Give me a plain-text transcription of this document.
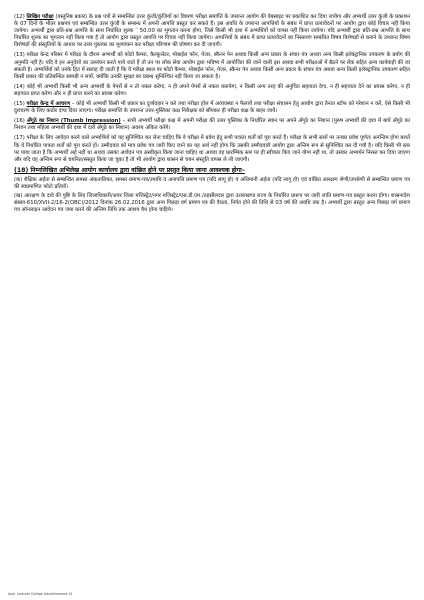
(12) लिखित परीक्षा (वस्तुनिष्ठ प्रकार) के प्रश्न पत्रों से सम्बन्धित उत्तर कुंजी/कुंजियों का विवरण परीक्षा समाप्ति के उपरान्त आयोग की वेबसाइट पर प्रकाशित कर दिया जायेगा और अभ्यर्थी उत्तर कुंजी के प्रकाशन के 07 दिनों के भीतर प्रश्नपत्र एवं सम्बन्धित उत्तर कुंजी के सम्बन्ध में अपनी आपत्ति प्रस्तुत कर सकते हैं। इस अवधि के उपरान्त आपत्तियों के संबंध में प्राप्त प्रत्यावेदनों पर आयोग द्वारा कोई विचार नहीं किया जायेगा। अभ्यर्थी द्वारा प्रति-प्रश्न आपत्ति के साथ निर्धारित शुल्क ` 50.00 का भुगतान करना होगा, जिसे किसी भी दशा में अभ्यर्थियों को वापस नहीं किया जायेगा। यदि अभ्यर्थी द्वारा प्रति-प्रश्न आपत्ति के साथ निर्धारित शुल्क का भुगतान नहीं किया गया है तो आयोग द्वारा प्रस्तुत आपत्ति पर विचार नहीं किया जायेगा। आपत्तियों के संबंध में प्राप्त प्रत्यावेदनों का निस्तारण सम्बंधित विषय विशेषज्ञों से कराने के उपरान्त विषय विशेषज्ञों की संस्तुतियों के आधार पर उत्तर पुस्तका का मूल्यांकन कर परीक्षा परिणाम की घोषणा कर दी जाएगी।

(13) परीक्षा केन्द्र परिसर में परीक्षा के दौरान अभ्यर्थी को फोटो कैमरा, कैल्कुलेटर, मोबाईल फोन, पेजर, स्कैनर पेन अथवा किसी अन्य प्रकार के संचार यंत्र अथवा अन्य किसी इलेक्ट्रानिक उपकरण के प्रयोग की अनुमति नहीं है। यदि वे इन अनुदेशों का उल्लंघन करते पाये जाते हैं तो उन पर लोक सेवा आयोग द्वारा भविष्य में आयोजित की जाने वाली इस अथवा सभी परीक्षाओं में बैठने पर रोक सहित अन्य कार्यवाही की जा सकती है। अभ्यर्थियों को उनके हित में सलाह दी जाती है कि वे परीक्षा स्थल पर फोटो कैमरा, मोबाईल फोन, पेजर, स्कैनर पेन अथवा किसी अन्य प्रकार के संचार यंत्र अथवा अन्य किसी इलेक्ट्रानिक उपकरण सहित किसी प्रकार की प्रतिबन्धित सामग्री न लायें, क्योंकि उनकी सुरक्षा का प्रबन्ध सुनिश्चित नहीं किया जा सकता है।

(14) कोई भी अभ्यर्थी किसी भी अन्य अभ्यर्थी के पेपरों से न तो नकल करेगा, न ही अपने पेपरों से नकल करायेगा, न किसी अन्य तरह की अनुचित सहायता देगा, न ही सहायता देने का प्रयास करेगा, न ही सहायता प्राप्त करेगा और न ही प्राप्त करने का प्रयास करेगा।

(15) परीक्षा केन्द्र में आचरण – कोई भी अभ्यर्थी किसी भी प्रकार का दुर्व्यवहार न करे तथा परीक्षा हॉल में अव्यवस्था न फैलायें तथा परीक्षा संचालन हेतु आयोग द्वारा तैनात स्टॉफ को परेशान न करें, ऐसे किसी भी दुराचरण के लिए कठोर दण्ड दिया जाएगा। परीक्षा समाप्ति के उपरान्त उत्तर-पुस्तिका कक्ष निरीक्षक को सौंपकर ही परीक्षा कक्ष के बाहर जायें।

(16) अँगूठे का निशान (Thumb Impression) – सभी अभ्यर्थी परीक्षा कक्ष में अपनी परीक्षा की उत्तर पुस्तिका के निर्धारित स्थान पर अपने अँगूठे का निशान (पुरुष अभ्यर्थी की दशा में बायें अँगूठे का निशान तथा महिला अभ्यर्थी की दशा में दायें अँगूठे का निशान) अवश्य अंकित करेंगे।

(17) परीक्षा के लिए आवेदन करने वाले अभ्यर्थियों को यह सुनिश्चित कर लेना चाहिए कि वे परीक्षा में प्रवेश हेतु सभी पात्रता शर्तों को पूरा करते हैं। परीक्षा के सभी स्तरों पर उनका प्रवेश पूर्णतः अनन्तिम होगा बशर्ते कि वे निर्धारित पात्रता शर्तों को पूरा करते हों। उम्मीदवार को मात्र प्रवेश पत्र जारी किए जाने का यह अर्थ नहीं होगा कि उसकी उम्मीदवारी आयोग द्वारा अन्तिम रूप से सुनिश्चित कर दी गयी है। यदि किसी भी स्तर पर पाया जाता है कि अभ्यर्थी अर्ह नहीं था अथवा उसका आवेदन पत्र अस्वीकृत किया जाना चाहिए था अथवा वह प्रारम्भिक स्तर पर ही स्वीकार किए जाने योग्य नहीं था, तो उसका अभ्यर्थन निरस्त कर दिया जाएगा और यदि वह अन्तिम रूप से चयनित/संस्तुत किया जा चुका है तो भी आयोग द्वारा शासन से चयन संस्तुति वापस ले ली जाएगी।

(18) निम्नलिखित अभिलेख आयोग कार्यालय द्वारा वांछित होने पर प्रस्तुत किया जाना आवश्यक होगा–

(क) शैक्षिक अर्हता से सम्बन्धित समस्त अंकतालिका, समस्त प्रमाण-पत्र/उपाधि व अनापत्ति प्रमाण पत्र (यदि लागू हो) व अधिमानी अर्हता (यदि लागू हो) एवं वांछित आरक्षण श्रेणी/उपश्रेणी से सम्बन्धित प्रमाण पत्र की स्वप्रमाणित फोटो प्रतियाँ।

(ख) आरक्षण के दावे की पुष्टि के लिए जिलाधिकारी/अपर जिला मजिस्ट्रेट/नगर मजिस्ट्रेट/एस.डी.एम./तहसीलदार द्वारा उत्तराखण्ड राज्य के निर्धारित प्रारूप पर जारी जाति प्रमाण-पत्र प्रस्तुत करना होगा। शासनादेश संख्या-610/XVII-2/16-2(OBC)/2012 दिनांक 26.02.2016 द्वारा अन्य पिछड़ा वर्ग प्रमाण पत्र की वैधता, निर्गत होने की तिथि से 03 वर्ष की अवधि तक है। अभ्यर्थी द्वारा प्रस्तुत अन्य पिछड़ा वर्ग प्रमाण पत्र ऑनलाइन आवेदन पत्र जमा करने की अन्तिम तिथि तक अवश्य वैध होना चाहिये।

Asst. Lecturer College Advertisement-14
